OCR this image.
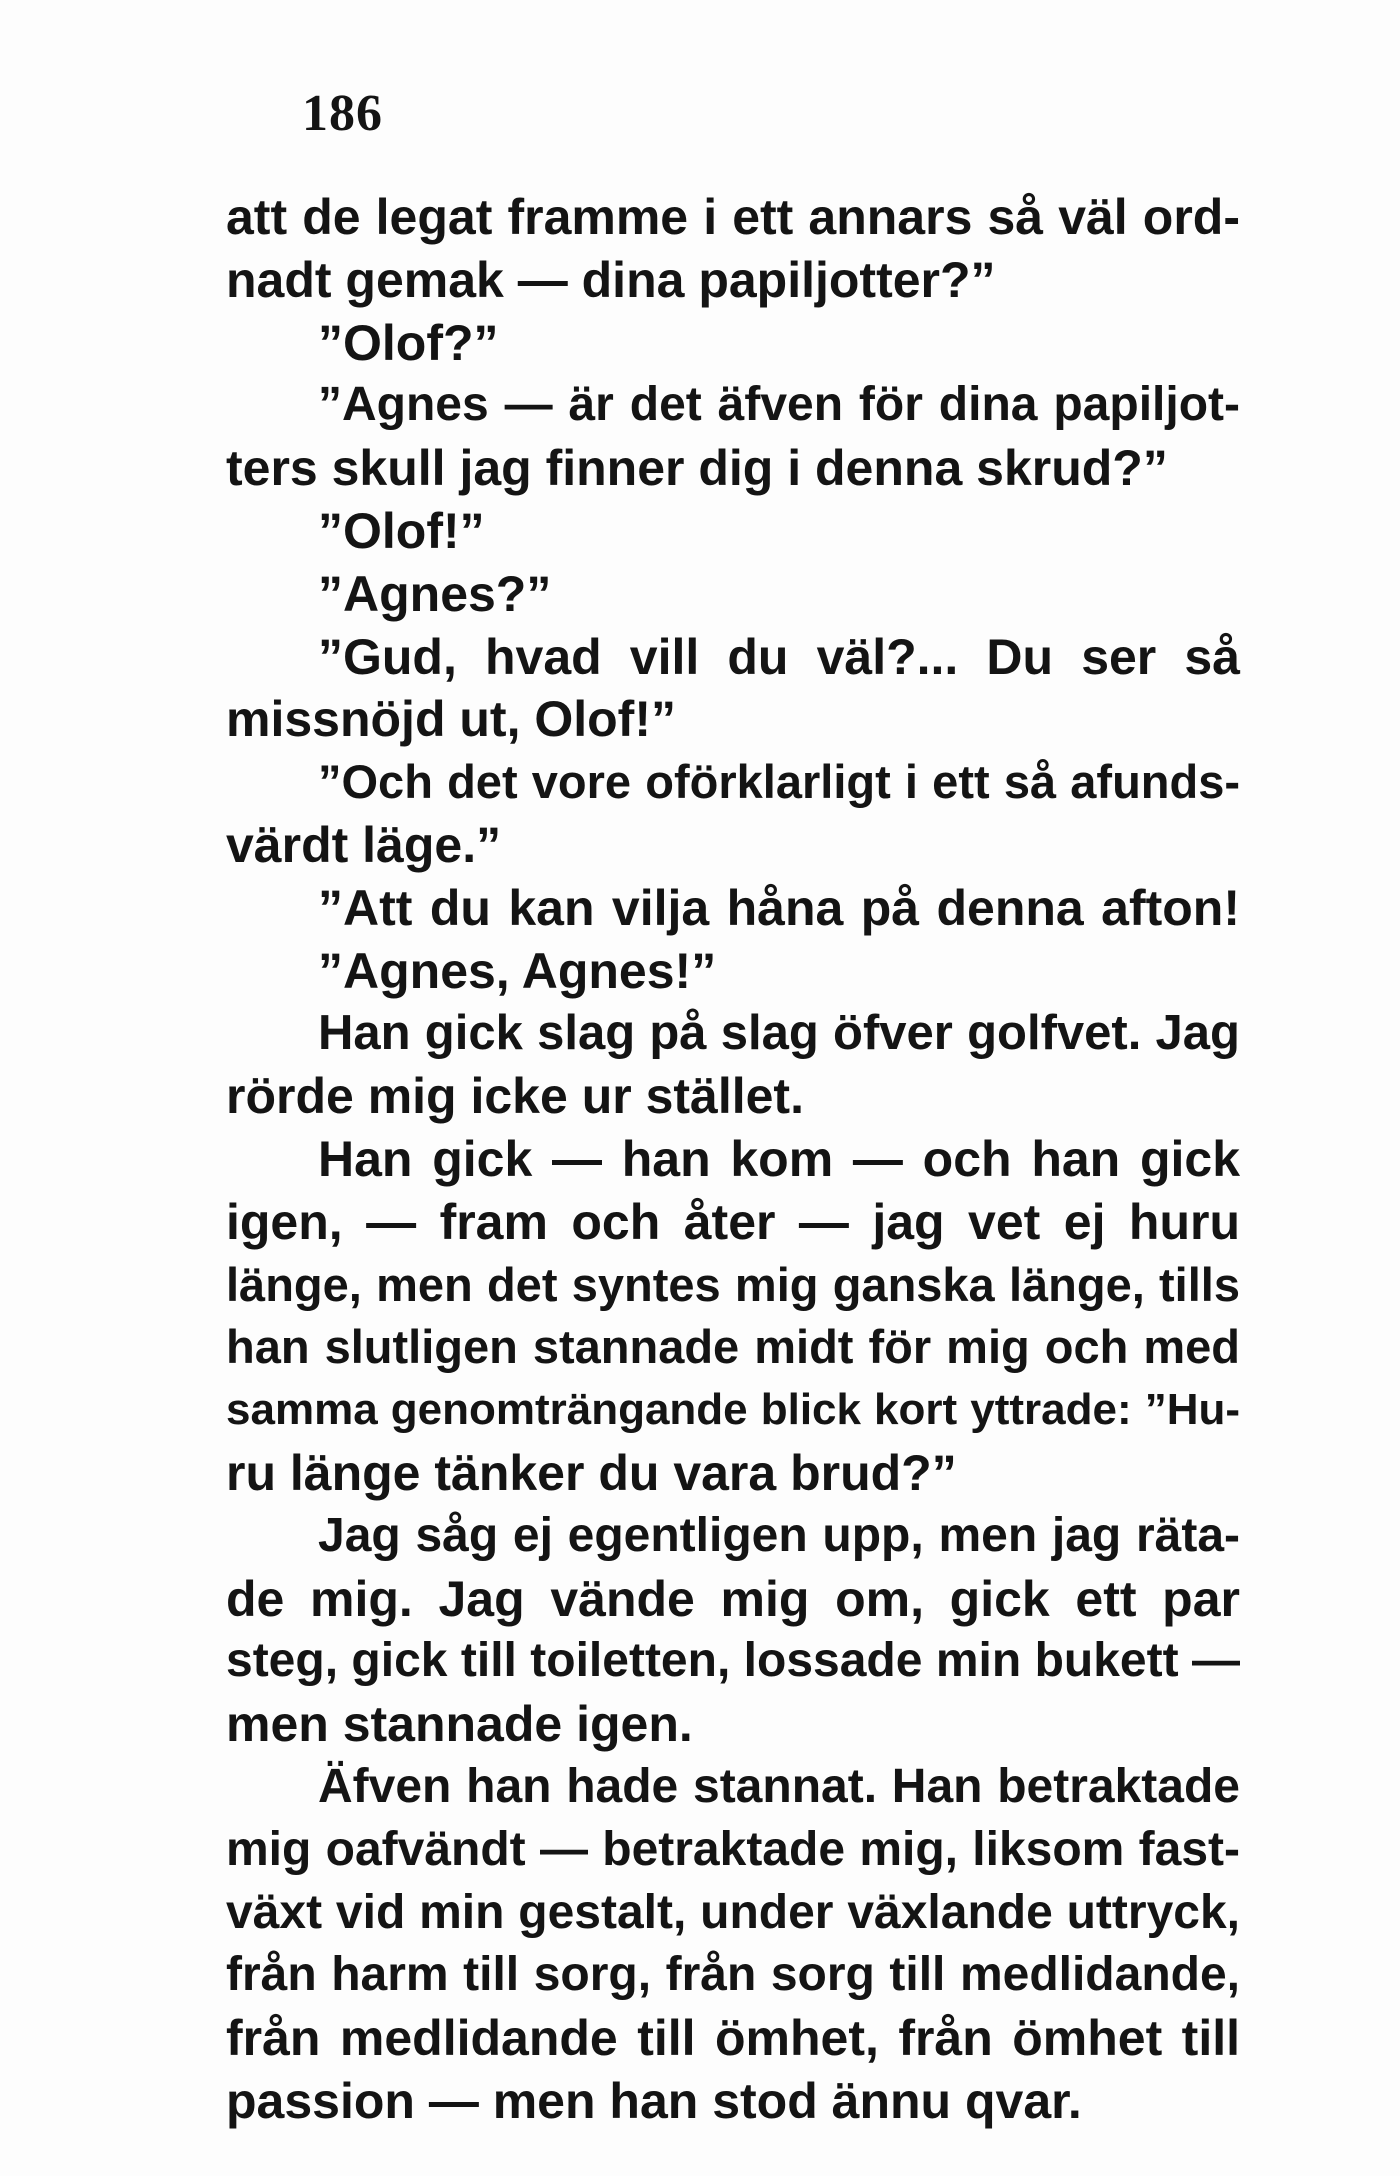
186
att de legat framme i ett annars så väl ord-
nadt gemak — dina papiljotter?”
”Olof?”
”Agnes — är det äfven för dina papiljot-
ters skull jag finner dig i denna skrud?”
”Olof!”
”Agnes?”
”Gud, hvad vill du väl?... Du ser så
missnöjd ut, Olof!”
”Och det vore oförklarligt i ett så afunds-
värdt läge.”
”Att du kan vilja håna på denna afton!
”Agnes, Agnes!”
Han gick slag på slag öfver golfvet. Jag
rörde mig icke ur stället.
Han gick — han kom — och han gick
igen, — fram och åter — jag vet ej huru
länge, men det syntes mig ganska länge, tills
han slutligen stannade midt för mig och med
samma genomträngande blick kort yttrade: ”Hu-
ru länge tänker du vara brud?”
Jag såg ej egentligen upp, men jag räta-
de mig. Jag vände mig om, gick ett par
steg, gick till toiletten, lossade min bukett —
men stannade igen.
Äfven han hade stannat. Han betraktade
mig oafvändt — betraktade mig, liksom fast-
växt vid min gestalt, under växlande uttryck,
från harm till sorg, från sorg till medlidande,
från medlidande till ömhet, från ömhet till
passion — men han stod ännu qvar.
